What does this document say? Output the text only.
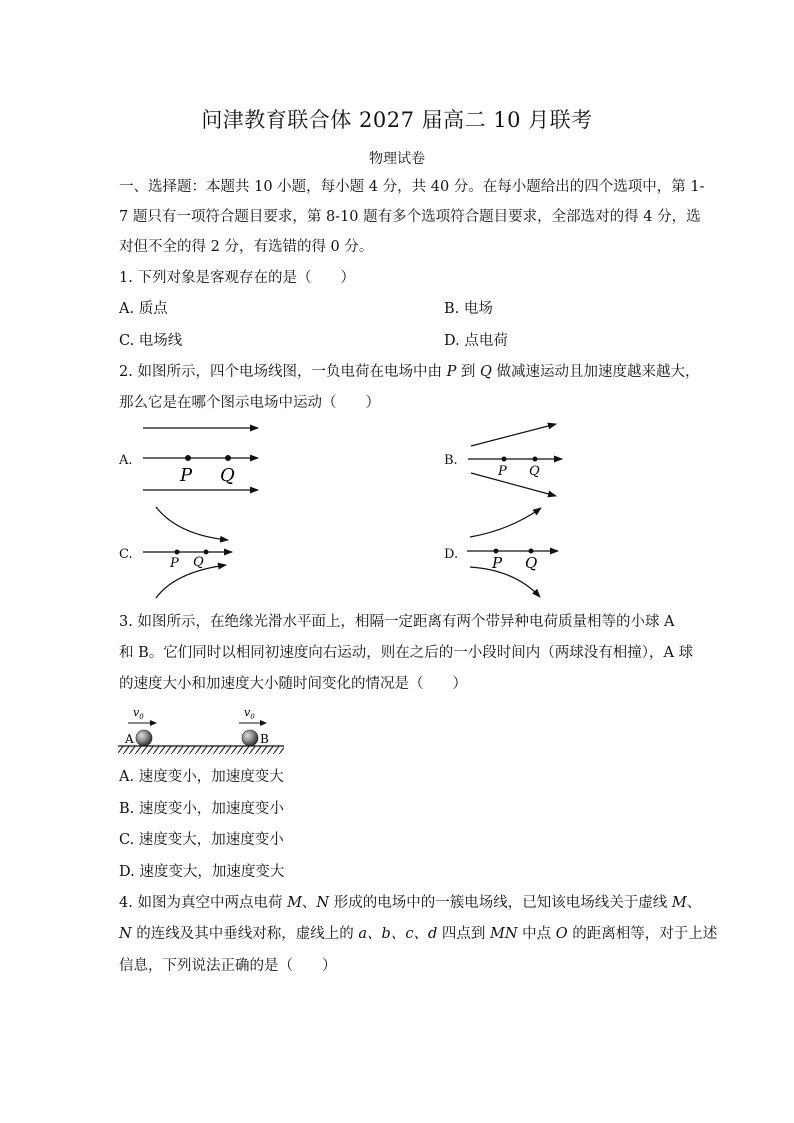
问津教育联合体 2027 届高二 10 月联考
物理试卷
一、选择题：本题共 10 小题，每小题 4 分，共 40 分。在每小题给出的四个选项中，第 1-
7 题只有一项符合题目要求，第 8-10 题有多个选项符合题目要求，全部选对的得 4 分，选
对但不全的得 2 分，有选错的得 0 分。
1. 下列对象是客观存在的是（　　）
A. 质点	B. 电场
C. 电场线	D. 点电荷
2. 如图所示，四个电场线图，一负电荷在电场中由 P 到 Q 做减速运动且加速度越来越大，
那么它是在哪个图示电场中运动（　　）
A.	B.
C.	D.
P Q	P Q
P Q	P Q
3. 如图所示，在绝缘光滑水平面上，相隔一定距离有两个带异种电荷质量相等的小球 A
和 B。它们同时以相同初速度向右运动，则在之后的一小段时间内（两球没有相撞），A 球
的速度大小和加速度大小随时间变化的情况是（　　）
$v_0$	$v_0$
A	B
A. 速度变小，加速度变大
B. 速度变小，加速度变小
C. 速度变大，加速度变小
D. 速度变大，加速度变大
4. 如图为真空中两点电荷 M、N 形成的电场中的一簇电场线，已知该电场线关于虚线 M、
N 的连线及其中垂线对称，虚线上的 a、b、c、d 四点到 MN 中点 O 的距离相等，对于上述
信息，下列说法正确的是（　　）
